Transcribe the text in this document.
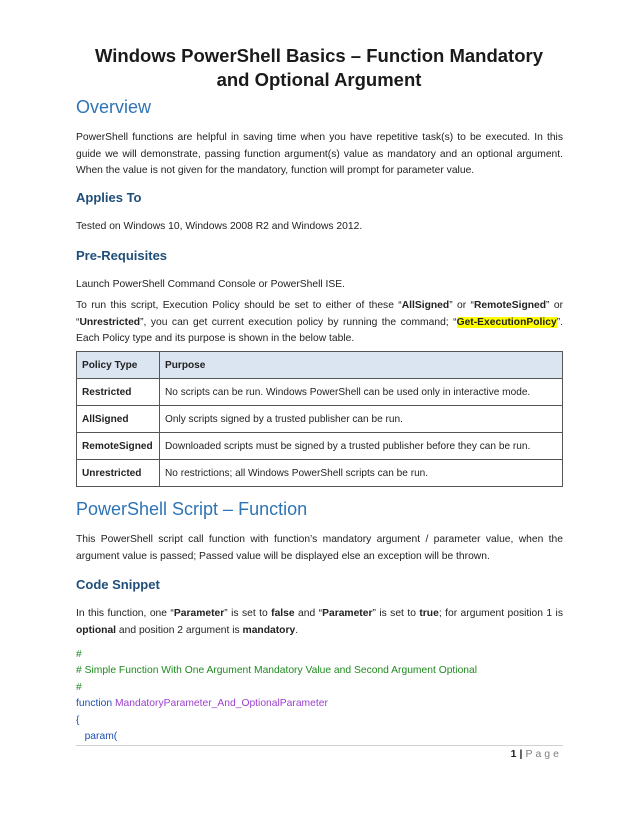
Windows PowerShell Basics – Function Mandatory and Optional Argument
Overview
PowerShell functions are helpful in saving time when you have repetitive task(s) to be executed. In this guide we will demonstrate, passing function argument(s) value as mandatory and an optional argument. When the value is not given for the mandatory, function will prompt for parameter value.
Applies To
Tested on Windows 10, Windows 2008 R2 and Windows 2012.
Pre-Requisites
Launch PowerShell Command Console or PowerShell ISE.
To run this script, Execution Policy should be set to either of these “AllSigned” or “RemoteSigned” or “Unrestricted”, you can get current execution policy by running the command; “Get-ExecutionPolicy”. Each Policy type and its purpose is shown in the below table.
Policy Type	Purpose
Restricted	No scripts can be run. Windows PowerShell can be used only in interactive mode.
AllSigned	Only scripts signed by a trusted publisher can be run.
RemoteSigned	Downloaded scripts must be signed by a trusted publisher before they can be run.
Unrestricted	No restrictions; all Windows PowerShell scripts can be run.
PowerShell Script – Function
This PowerShell script call function with function’s mandatory argument / parameter value, when the argument value is passed; Passed value will be displayed else an exception will be thrown.
Code Snippet
In this function, one “Parameter” is set to false and “Parameter” is set to true; for argument position 1 is optional and position 2 argument is mandatory.
#
# Simple Function With One Argument Mandatory Value and Second Argument Optional
#
function MandatoryParameter_And_OptionalParameter
{
param(
1 | Page
